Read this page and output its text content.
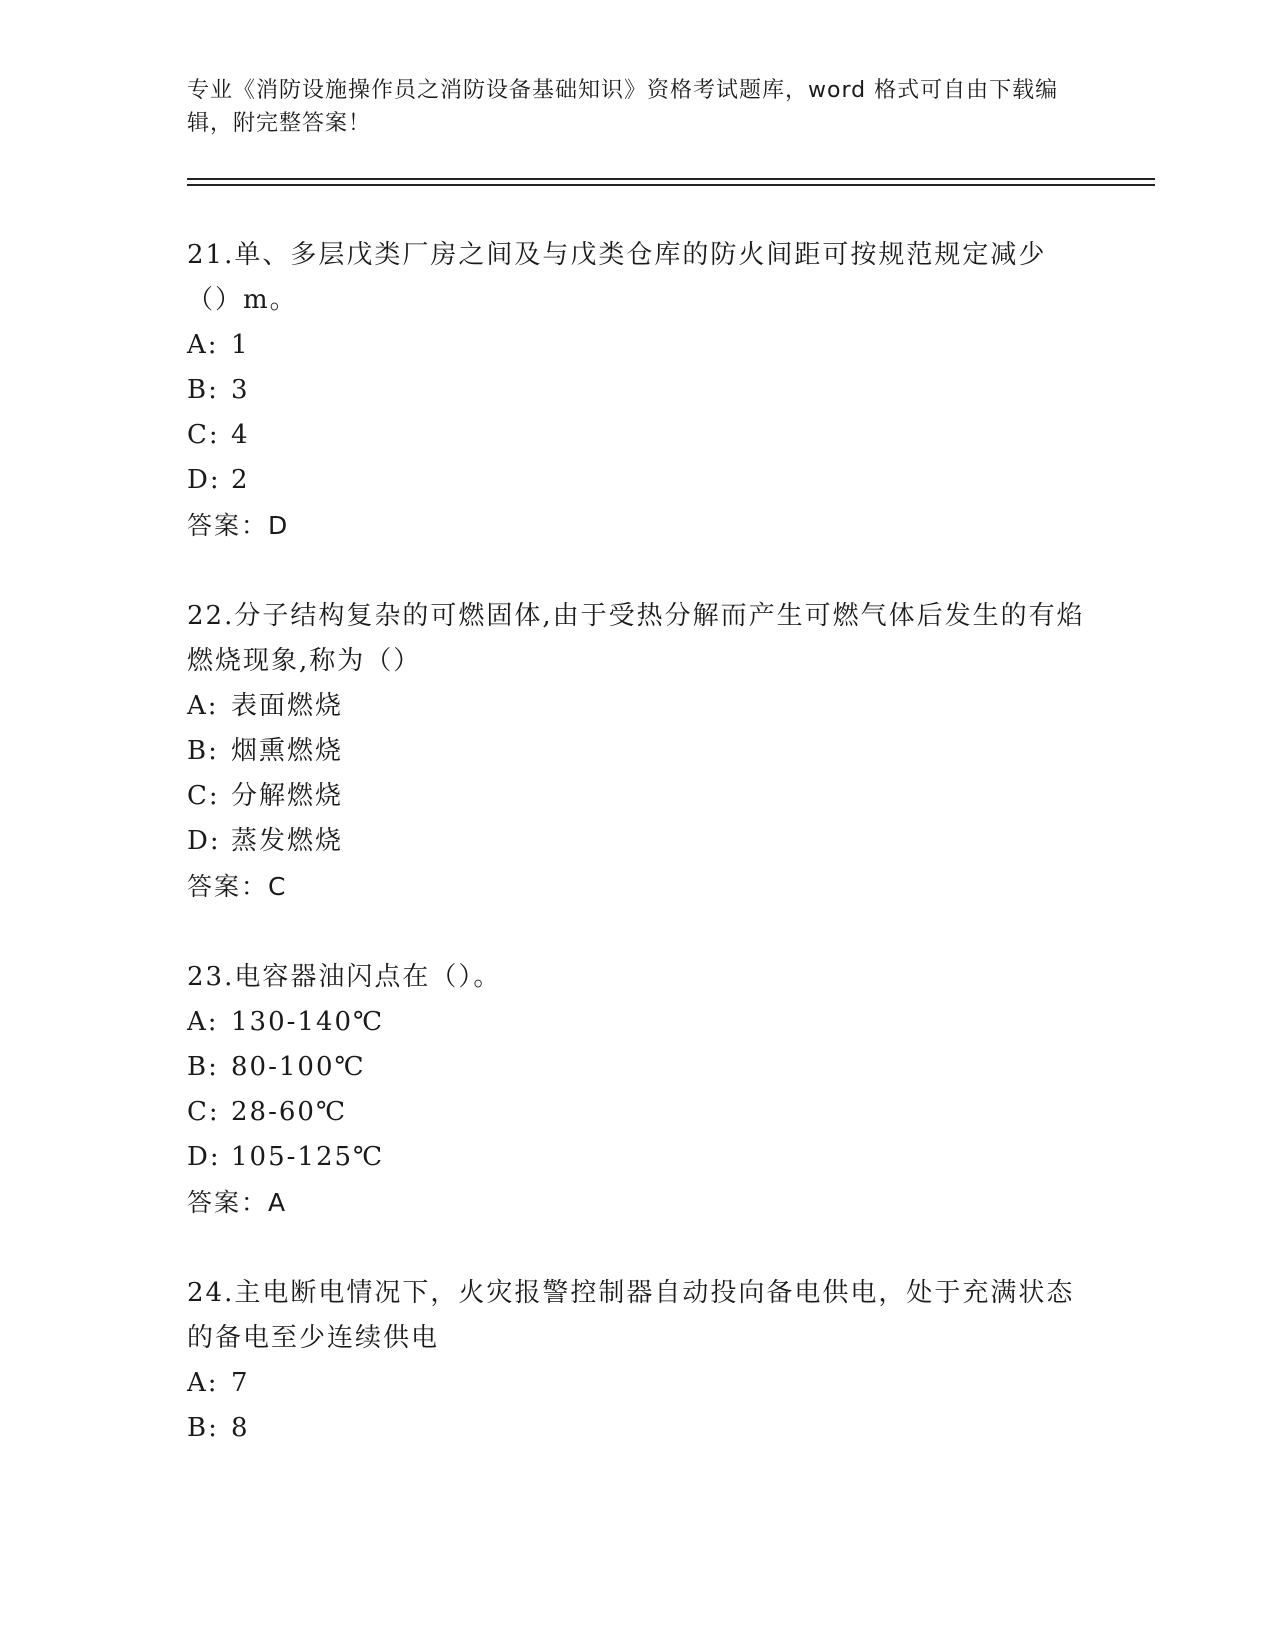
专业《消防设施操作员之消防设备基础知识》资格考试题库，word 格式可自由下载编辑，附完整答案！
21.单、多层戊类厂房之间及与戊类仓库的防火间距可按规范规定减少（）m。
A: 1
B: 3
C: 4
D: 2
答案：D
22.分子结构复杂的可燃固体,由于受热分解而产生可燃气体后发生的有焰燃烧现象,称为（）
A: 表面燃烧
B: 烟熏燃烧
C: 分解燃烧
D: 蒸发燃烧
答案：C
23.电容器油闪点在（）。
A: 130-140℃
B: 80-100℃
C: 28-60℃
D: 105-125℃
答案：A
24.主电断电情况下，火灾报警控制器自动投向备电供电，处于充满状态的备电至少连续供电
A: 7
B: 8
